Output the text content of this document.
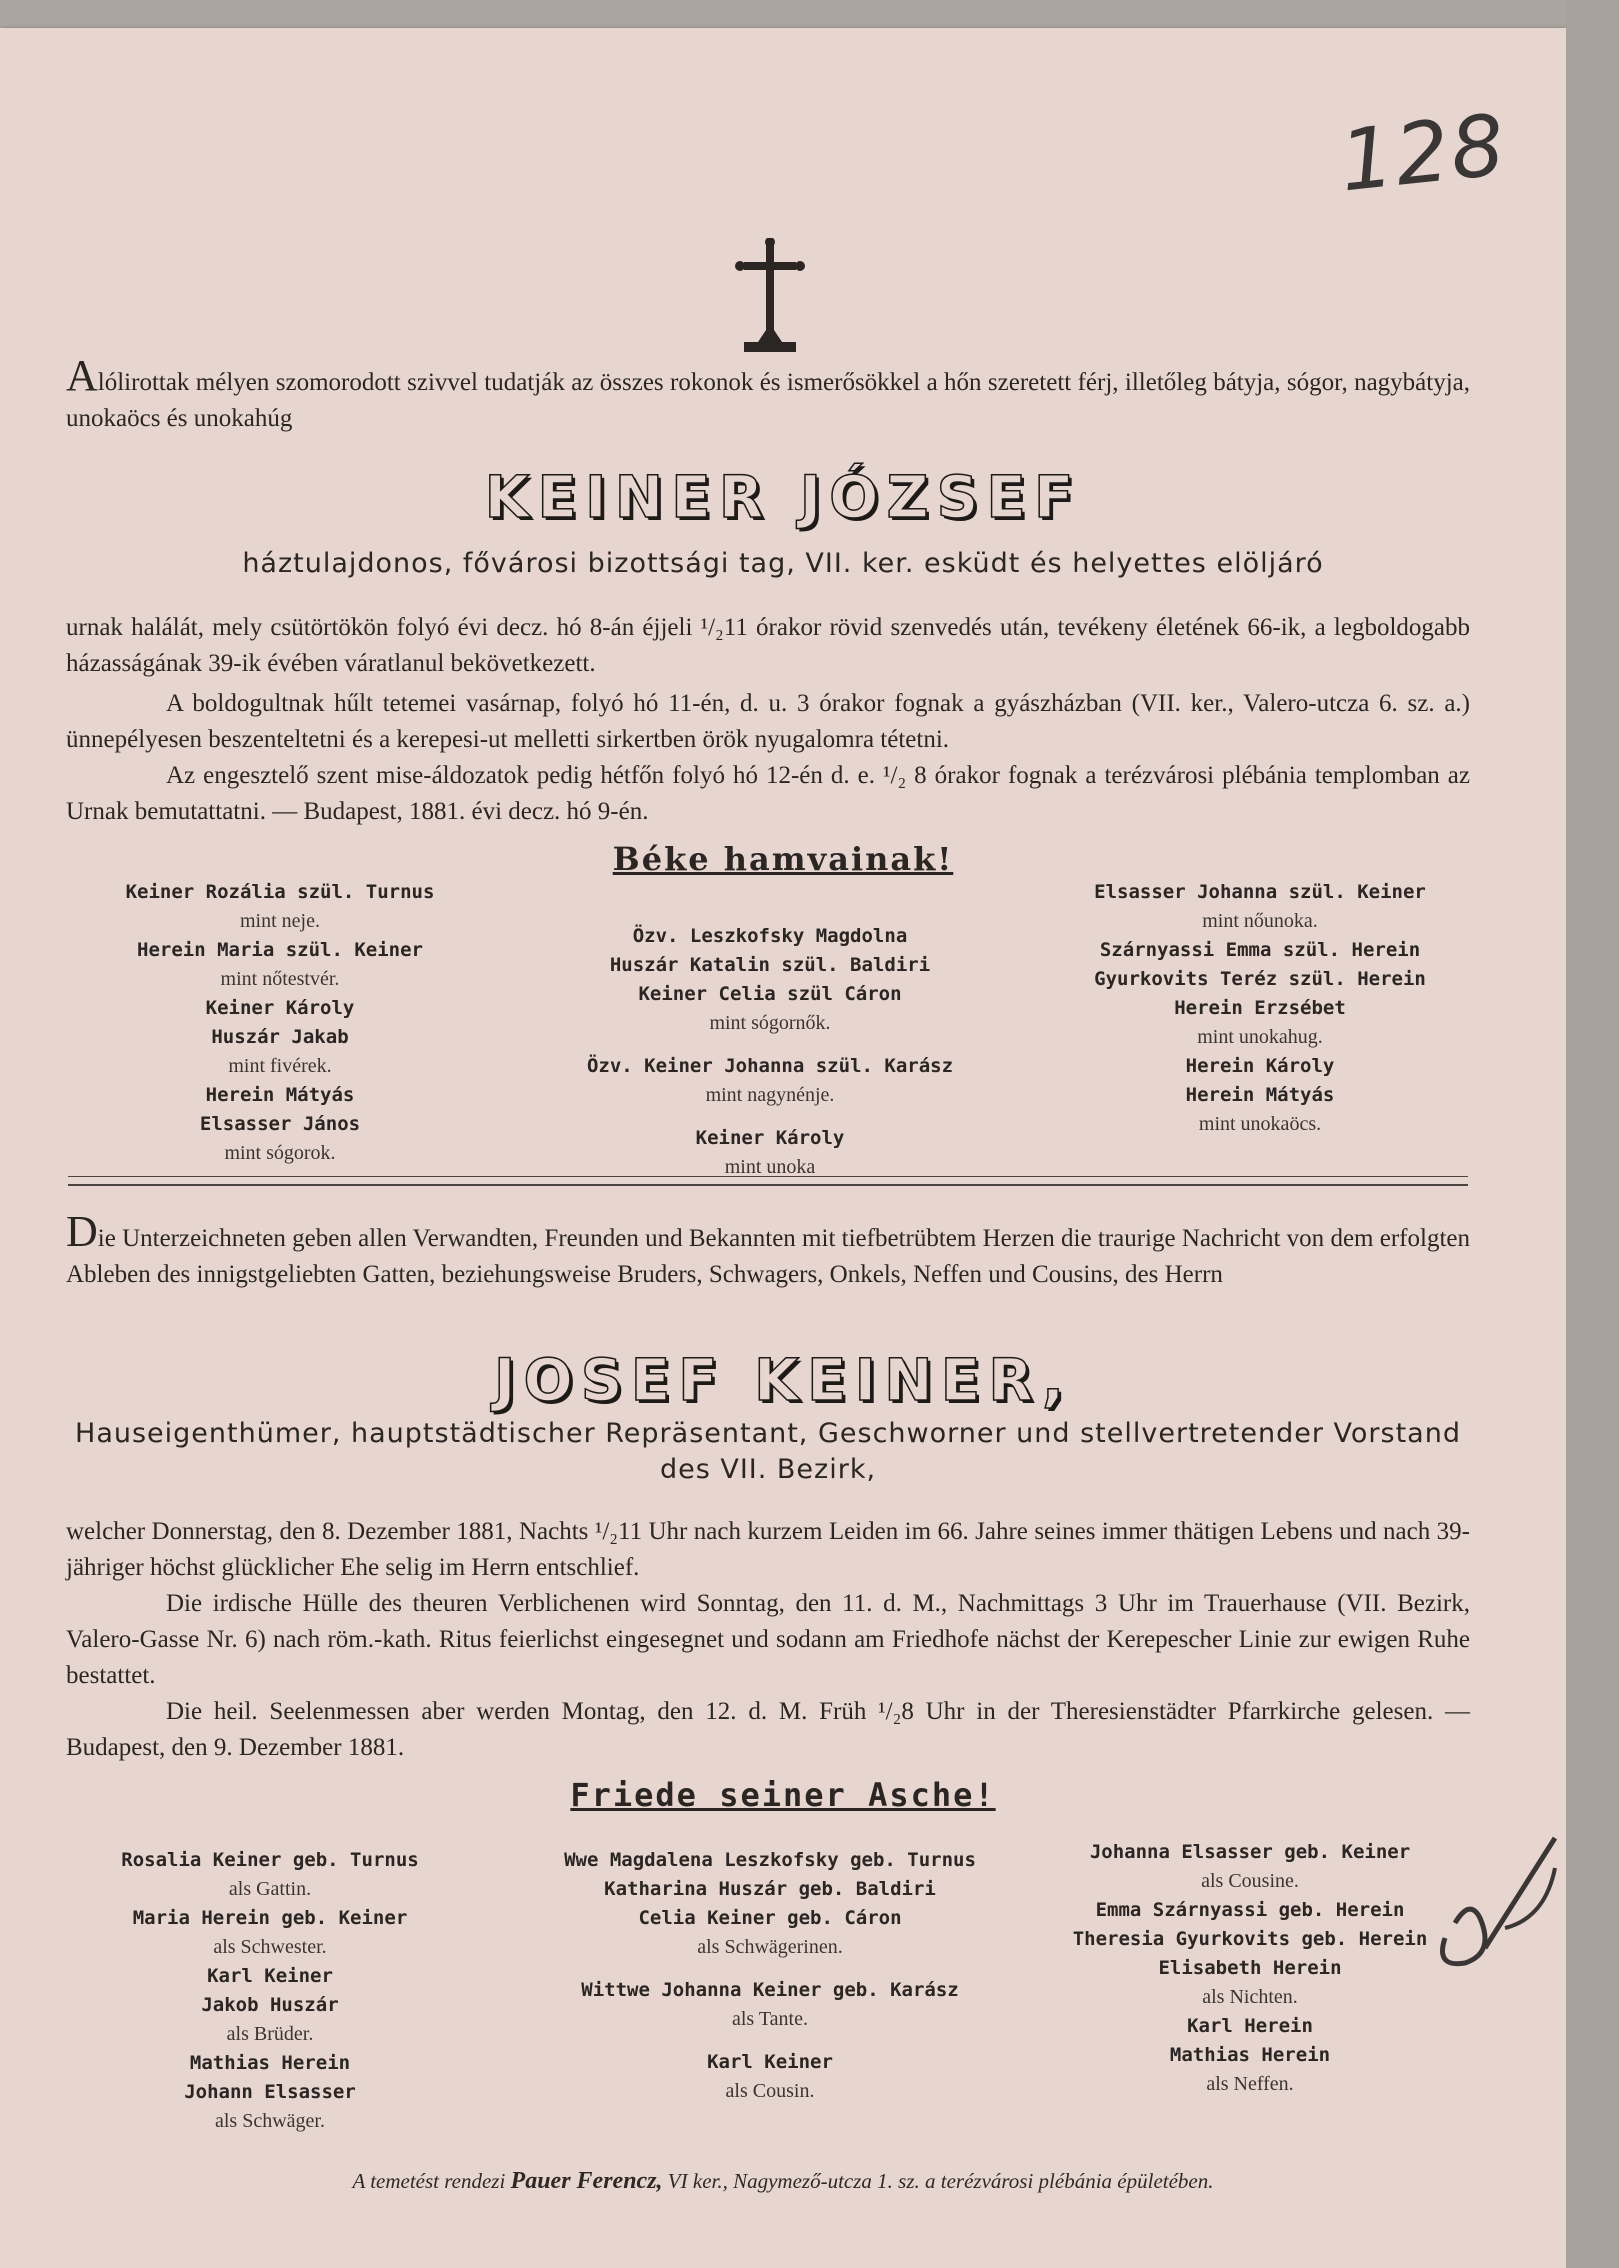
128
Alólirottak mélyen szomorodott szivvel tudatják az összes rokonok és ismerősökkel a hőn szeretett férj, illetőleg bátyja, sógor, nagybátyja, unokaöcs és unokahúg
KEINER JÓZSEF
háztulajdonos, fővárosi bizottsági tag, VII. ker. esküdt és helyettes elöljáró
urnak halálát, mely csütörtökön folyó évi decz. hó 8-án éjjeli ¹/₂11 órakor rövid szenvedés után, tevékeny életének 66-ik, a legboldogabb házasságának 39-ik évében váratlanul bekövetkezett.
A boldogultnak hűlt tetemei vasárnap, folyó hó 11-én, d. u. 3 órakor fognak a gyászházban (VII. ker., Valero-utcza 6. sz. a.) ünnepélyesen beszenteltetni és a kerepesi-ut melletti sirkertben örök nyugalomra tétetni.
Az engesztelő szent mise-áldozatok pedig hétfőn folyó hó 12-én d. e. ¹/₂ 8 órakor fognak a terézvárosi plébánia templomban az Urnak bemutattatni. — Budapest, 1881. évi decz. hó 9-én.
Béke hamvainak!
Keiner Rozália szül. Turnus
mint neje.
Herein Maria szül. Keiner
mint nőtestvér.
Keiner Károly
Huszár Jakab
mint fivérek.
Herein Mátyás
Elsasser János
mint sógorok.
Özv. Leszkofsky Magdolna
Huszár Katalin szül. Baldiri
Keiner Celia szül Cáron
mint sógornők.
Özv. Keiner Johanna szül. Karász
mint nagynénje.
Keiner Károly
mint unoka
Elsasser Johanna szül. Keiner
mint nőunoka.
Szárnyassi Emma szül. Herein
Gyurkovits Teréz szül. Herein
Herein Erzsébet
mint unokahug.
Herein Károly
Herein Mátyás
mint unokaöcs.
Die Unterzeichneten geben allen Verwandten, Freunden und Bekannten mit tiefbetrübtem Herzen die traurige Nachricht von dem erfolgten Ableben des innigstgeliebten Gatten, beziehungsweise Bruders, Schwagers, Onkels, Neffen und Cousins, des Herrn
JOSEF KEINER,
Hauseigenthümer, hauptstädtischer Repräsentant, Geschworner und stellvertretender Vorstand des VII. Bezirk,
welcher Donnerstag, den 8. Dezember 1881, Nachts ¹/₂11 Uhr nach kurzem Leiden im 66. Jahre seines immer thätigen Lebens und nach 39-jähriger höchst glücklicher Ehe selig im Herrn entschlief.
Die irdische Hülle des theuren Verblichenen wird Sonntag, den 11. d. M., Nachmittags 3 Uhr im Trauerhause (VII. Bezirk, Valero-Gasse Nr. 6) nach röm.-kath. Ritus feierlichst eingesegnet und sodann am Friedhofe nächst der Kerepescher Linie zur ewigen Ruhe bestattet.
Die heil. Seelenmessen aber werden Montag, den 12. d. M. Früh ¹/₂8 Uhr in der Theresienstädter Pfarrkirche gelesen. — Budapest, den 9. Dezember 1881.
Friede seiner Asche!
Rosalia Keiner geb. Turnus
als Gattin.
Maria Herein geb. Keiner
als Schwester.
Karl Keiner
Jakob Huszár
als Brüder.
Mathias Herein
Johann Elsasser
als Schwäger.
Wwe Magdalena Leszkofsky geb. Turnus
Katharina Huszár geb. Baldiri
Celia Keiner geb. Cáron
als Schwägerinen.
Wittwe Johanna Keiner geb. Karász
als Tante.
Karl Keiner
als Cousin.
Johanna Elsasser geb. Keiner
als Cousine.
Emma Szárnyassi geb. Herein
Theresia Gyurkovits geb. Herein
Elisabeth Herein
als Nichten.
Karl Herein
Mathias Herein
als Neffen.
A temetést rendezi Pauer Ferencz, VI ker., Nagymező-utcza 1. sz. a terézvárosi plébánia épületében.
